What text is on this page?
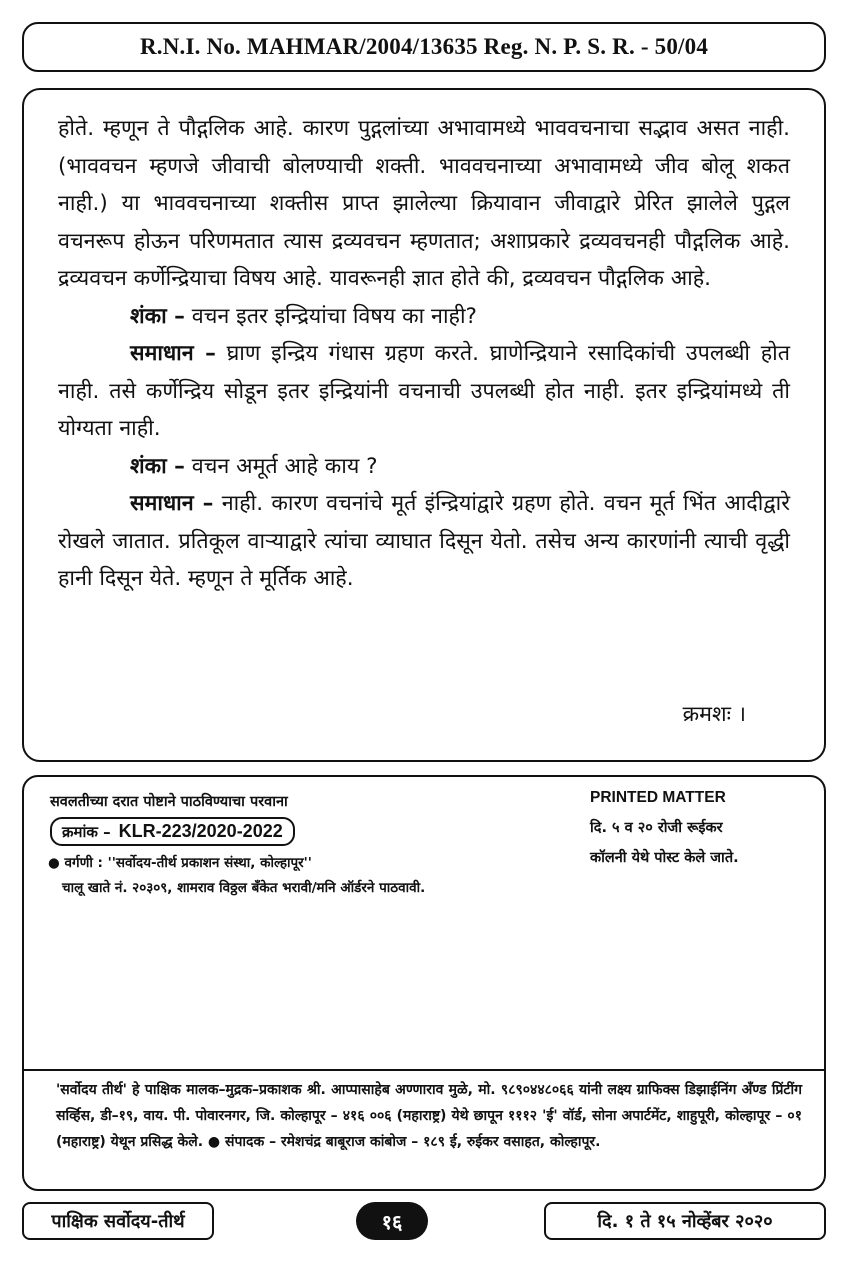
R.N.I. No. MAHMAR/2004/13635 Reg. N. P. S. R. - 50/04

होते. म्हणून ते पौद्गलिक आहे. कारण पुद्गलांच्या अभावामध्ये भाववचनाचा सद्भाव असत नाही. (भाववचन म्हणजे जीवाची बोलण्याची शक्ती. भाववचनाच्या अभावामध्ये जीव बोलू शकत नाही.) या भाववचनाच्या शक्तीस प्राप्त झालेल्या क्रियावान जीवाद्वारे प्रेरित झालेले पुद्गल वचनरूप होऊन परिणमतात त्यास द्रव्यवचन म्हणतात; अशाप्रकारे द्रव्यवचनही पौद्गलिक आहे. द्रव्यवचन कर्णेन्द्रियाचा विषय आहे. यावरूनही ज्ञात होते की, द्रव्यवचन पौद्गलिक आहे.

शंका – वचन इतर इन्द्रियांचा विषय का नाही?

समाधान – घ्राण इन्द्रिय गंधास ग्रहण करते. घ्राणेन्द्रियाने रसादिकांची उपलब्धी होत नाही. तसे कर्णेन्द्रिय सोडून इतर इन्द्रियांनी वचनाची उपलब्धी होत नाही. इतर इन्द्रियांमध्ये ती योग्यता नाही.

शंका – वचन अमूर्त आहे काय ?

समाधान – नाही. कारण वचनांचे मूर्त इंन्द्रियांद्वारे ग्रहण होते. वचन मूर्त भिंत आदीद्वारे रोखले जातात. प्रतिकूल वाऱ्याद्वारे त्यांचा व्याघात दिसून येतो. तसेच अन्य कारणांनी त्याची वृद्धी हानी दिसून येते. म्हणून ते मूर्तिक आहे.

क्रमशः ।
सवलतीच्या दरात पोष्टाने पाठविण्याचा परवाना
क्रमांक – KLR-223/2020-2022
● वर्गणी : ''सर्वोदय-तीर्थ प्रकाशन संस्था, कोल्हापूर''
चालू खाते नं. २०३०९, शामराव विठ्ठल बँकेत भरावी/मनि ऑर्डरने पाठवावी.
PRINTED MATTER
दि. ५ व २० रोजी रूईकर
कॉलनी येथे पोस्ट केले जाते.
'सर्वोदय तीर्थ' हे पाक्षिक मालक–मुद्रक–प्रकाशक श्री. आप्पासाहेब अण्णाराव मुळे, मो. ९८९०४४८०६६ यांनी लक्ष्य ग्राफिक्स डिझाईनिंग अँण्ड प्रिंटींग सर्व्हिस, डी–१९, वाय. पी. पोवारनगर, जि. कोल्हापूर – ४१६ ००६ (महाराष्ट्र) येथे छापून १११२ 'ई' वॉर्ड, सोना अपार्टमेंट, शाहुपूरी, कोल्हापूर – ०१ (महाराष्ट्र) येथून प्रसिद्ध केले. ● संपादक – रमेशचंद्र बाबूराज कांबोज – १८९ ई, रुईकर वसाहत, कोल्हापूर.
पाक्षिक सर्वोदय-तीर्थ	१६	दि. १ ते १५ नोव्हेंबर २०२०
